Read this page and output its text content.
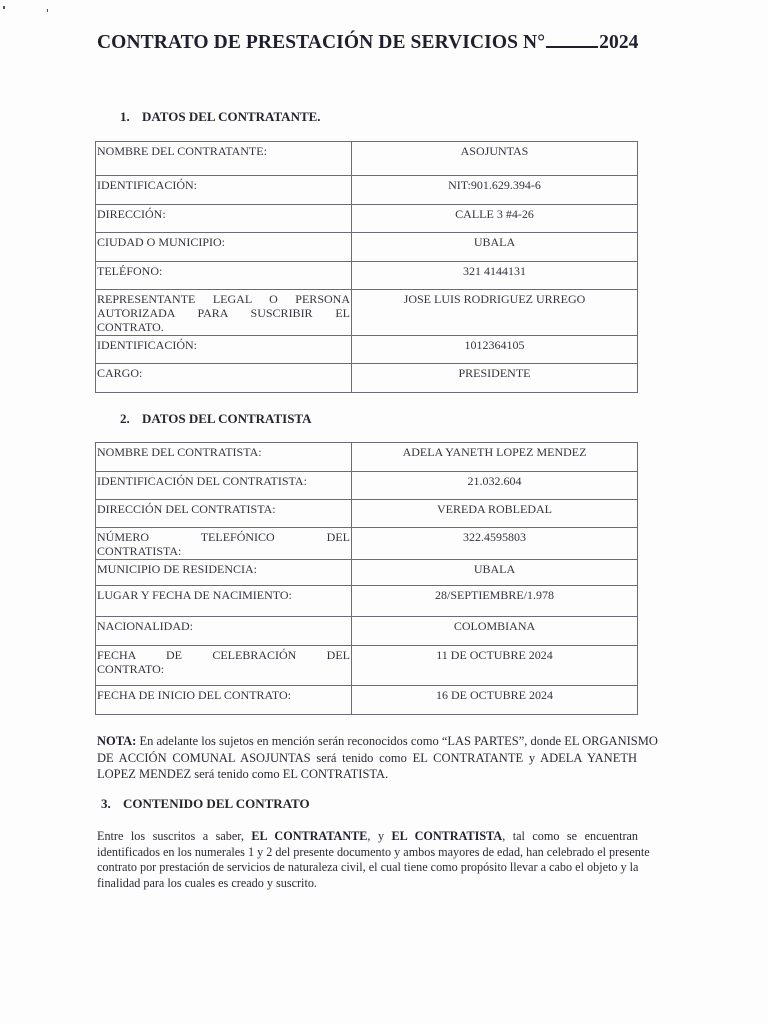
CONTRATO DE PRESTACIÓN DE SERVICIOS N°	2024
1. DATOS DEL CONTRATANTE.
NOMBRE DEL CONTRATANTE:	ASOJUNTAS
IDENTIFICACIÓN:	NIT:901.629.394-6
DIRECCIÓN:	CALLE 3 #4-26
CIUDAD O MUNICIPIO:	UBALA
TELÉFONO:	321 4144131

REPRESENTANTE LEGAL O PERSONA
AUTORIZADA PARA SUSCRIBIR EL
CONTRATO.	JOSE LUIS RODRIGUEZ URREGO
IDENTIFICACIÓN:	1012364105
CARGO:	PRESIDENTE
2. DATOS DEL CONTRATISTA
NOMBRE DEL CONTRATISTA:	ADELA YANETH LOPEZ MENDEZ
IDENTIFICACIÓN DEL CONTRATISTA:	21.032.604
DIRECCIÓN DEL CONTRATISTA:	VEREDA ROBLEDAL

NÚMERO TELEFÓNICO DEL
CONTRATISTA:	322.4595803
MUNICIPIO DE RESIDENCIA:	UBALA
LUGAR Y FECHA DE NACIMIENTO:	28/SEPTIEMBRE/1.978
NACIONALIDAD:	COLOMBIANA

FECHA DE CELEBRACIÓN DEL
CONTRATO:	11 DE OCTUBRE 2024
FECHA DE INICIO DEL CONTRATO:	16 DE OCTUBRE 2024
NOTA: En adelante los sujetos en mención serán reconocidos como “LAS PARTES”, donde EL ORGANISMO
DE ACCIÓN COMUNAL ASOJUNTAS será tenido como EL CONTRATANTE y ADELA YANETH
LOPEZ MENDEZ será tenido como EL CONTRATISTA.
3. CONTENIDO DEL CONTRATO
Entre los suscritos a saber, EL CONTRATANTE, y EL CONTRATISTA, tal como se encuentran
identificados en los numerales 1 y 2 del presente documento y ambos mayores de edad, han celebrado el presente
contrato por prestación de servicios de naturaleza civil, el cual tiene como propósito llevar a cabo el objeto y la
finalidad para los cuales es creado y suscrito.
